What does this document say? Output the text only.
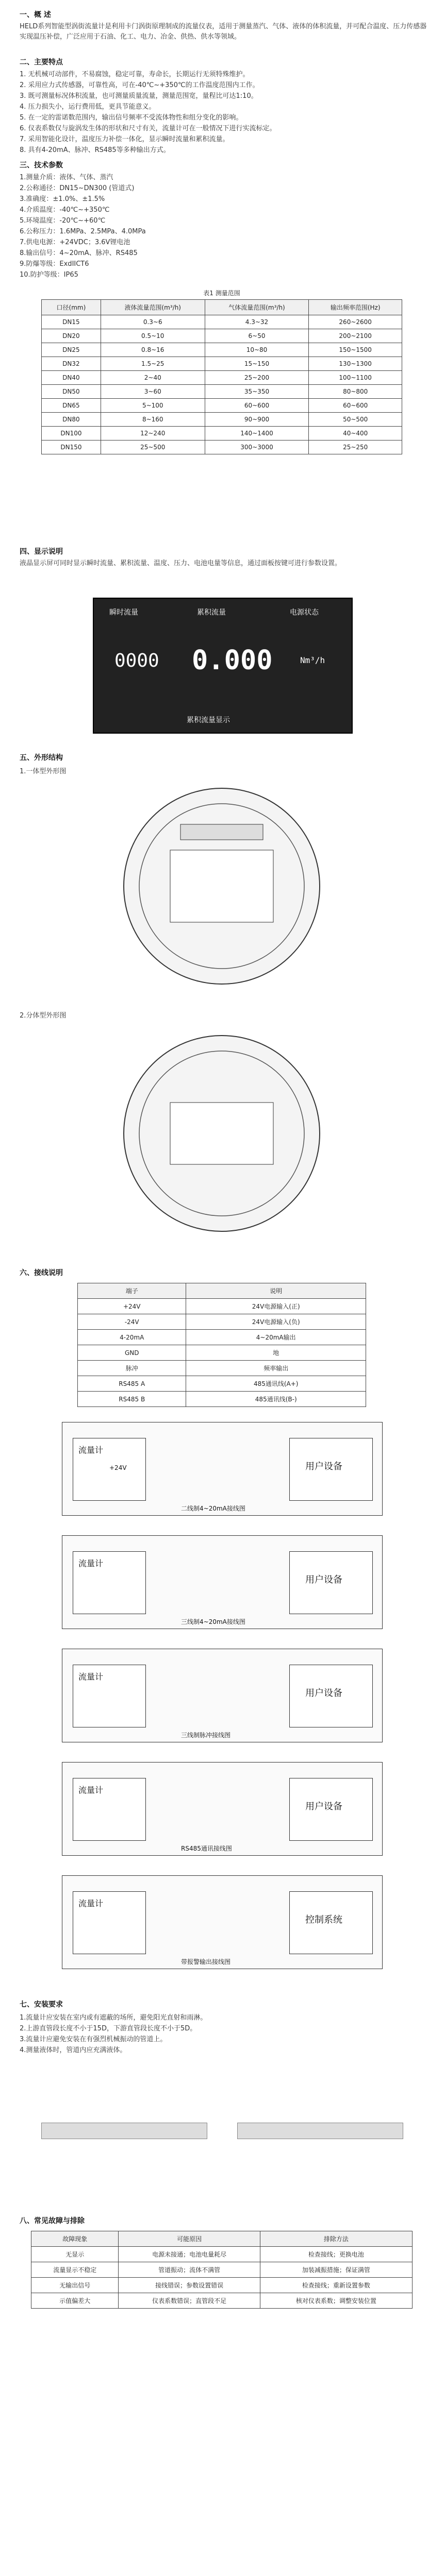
一、概 述
HELD系列智能型涡街流量计是利用卡门涡街原理制成的流量仪表，适用于测量蒸汽、气体、液体的体积流量，并可配合温度、压力传感器实现温压补偿，广泛应用于石油、化工、电力、冶金、供热、供水等领域。
二、主要特点
1. 无机械可动部件，不易腐蚀，稳定可靠，寿命长，长期运行无须特殊维护。
2. 采用应力式传感器，可靠性高，可在-40℃~+350℃的工作温度范围内工作。
3. 既可测量标况体积流量，也可测量质量流量，测量范围宽，量程比可达1:10。
4. 压力损失小，运行费用低，更具节能意义。
5. 在一定的雷诺数范围内，输出信号频率不受流体物性和组分变化的影响。
6. 仪表系数仅与旋涡发生体的形状和尺寸有关，流量计可在一般情况下进行实流标定。
7. 采用智能化设计，温度压力补偿一体化，显示瞬时流量和累积流量。
8. 具有4-20mA、脉冲、RS485等多种输出方式。
三、技术参数
1.测量介质：液体、气体、蒸汽
2.公称通径：DN15~DN300 (管道式)
3.准确度：±1.0%、±1.5%
4.介质温度：-40℃~+350℃
5.环境温度：-20℃~+60℃
6.公称压力：1.6MPa、2.5MPa、4.0MPa
7.供电电源：+24VDC；3.6V锂电池
8.输出信号：4~20mA、脉冲、RS485
9.防爆等级：ExdIICT6
10.防护等级：IP65
表1 测量范围
口径(mm)	液体流量范围(m³/h)	气体流量范围(m³/h)	输出频率范围(Hz)
DN15	0.3~6	4.3~32	260~2600
DN20	0.5~10	6~50	200~2100
DN25	0.8~16	10~80	150~1500
DN32	1.5~25	15~150	130~1300
DN40	2~40	25~200	100~1100
DN50	3~60	35~350	80~800
DN65	5~100	60~600	60~600
DN80	8~160	90~900	50~500
DN100	12~240	140~1400	40~400
DN150	25~500	300~3000	25~250
四、显示说明
液晶显示屏可同时显示瞬时流量、累积流量、温度、压力、电池电量等信息，通过面板按键可进行参数设置。
瞬时流量	累积流量	电源状态
0.000	Nm³/h
0000
累积流量显示
五、外形结构
1.一体型外形图
2.分体型外形图
六、接线说明
端子	说明
+24V	24V电源输入(正)
-24V	24V电源输入(负)
4-20mA	4~20mA输出
GND	地
脉冲	频率输出
RS485 A	485通讯线(A+)
RS485 B	485通讯线(B-)
流量计
+24V	用户设备
二线制4~20mA接线图
流量计
用户设备
三线制4~20mA接线图
流量计
用户设备
三线制脉冲接线图
流量计
用户设备
RS485通讯接线图
流量计
控制系统
带报警输出接线图
七、安装要求
1.流量计应安装在室内或有遮蔽的场所，避免阳光直射和雨淋。
2.上游直管段长度不小于15D，下游直管段长度不小于5D。
3.流量计应避免安装在有强烈机械振动的管道上。
4.测量液体时，管道内应充满液体。
八、常见故障与排除
故障现象	可能原因	排除方法
无显示	电源未接通；电池电量耗尽	检查接线；更换电池
流量显示不稳定	管道振动；流体不满管	加装减振措施；保证满管
无输出信号	接线错误；参数设置错误	检查接线；重新设置参数
示值偏差大	仪表系数错误；直管段不足	核对仪表系数；调整安装位置
